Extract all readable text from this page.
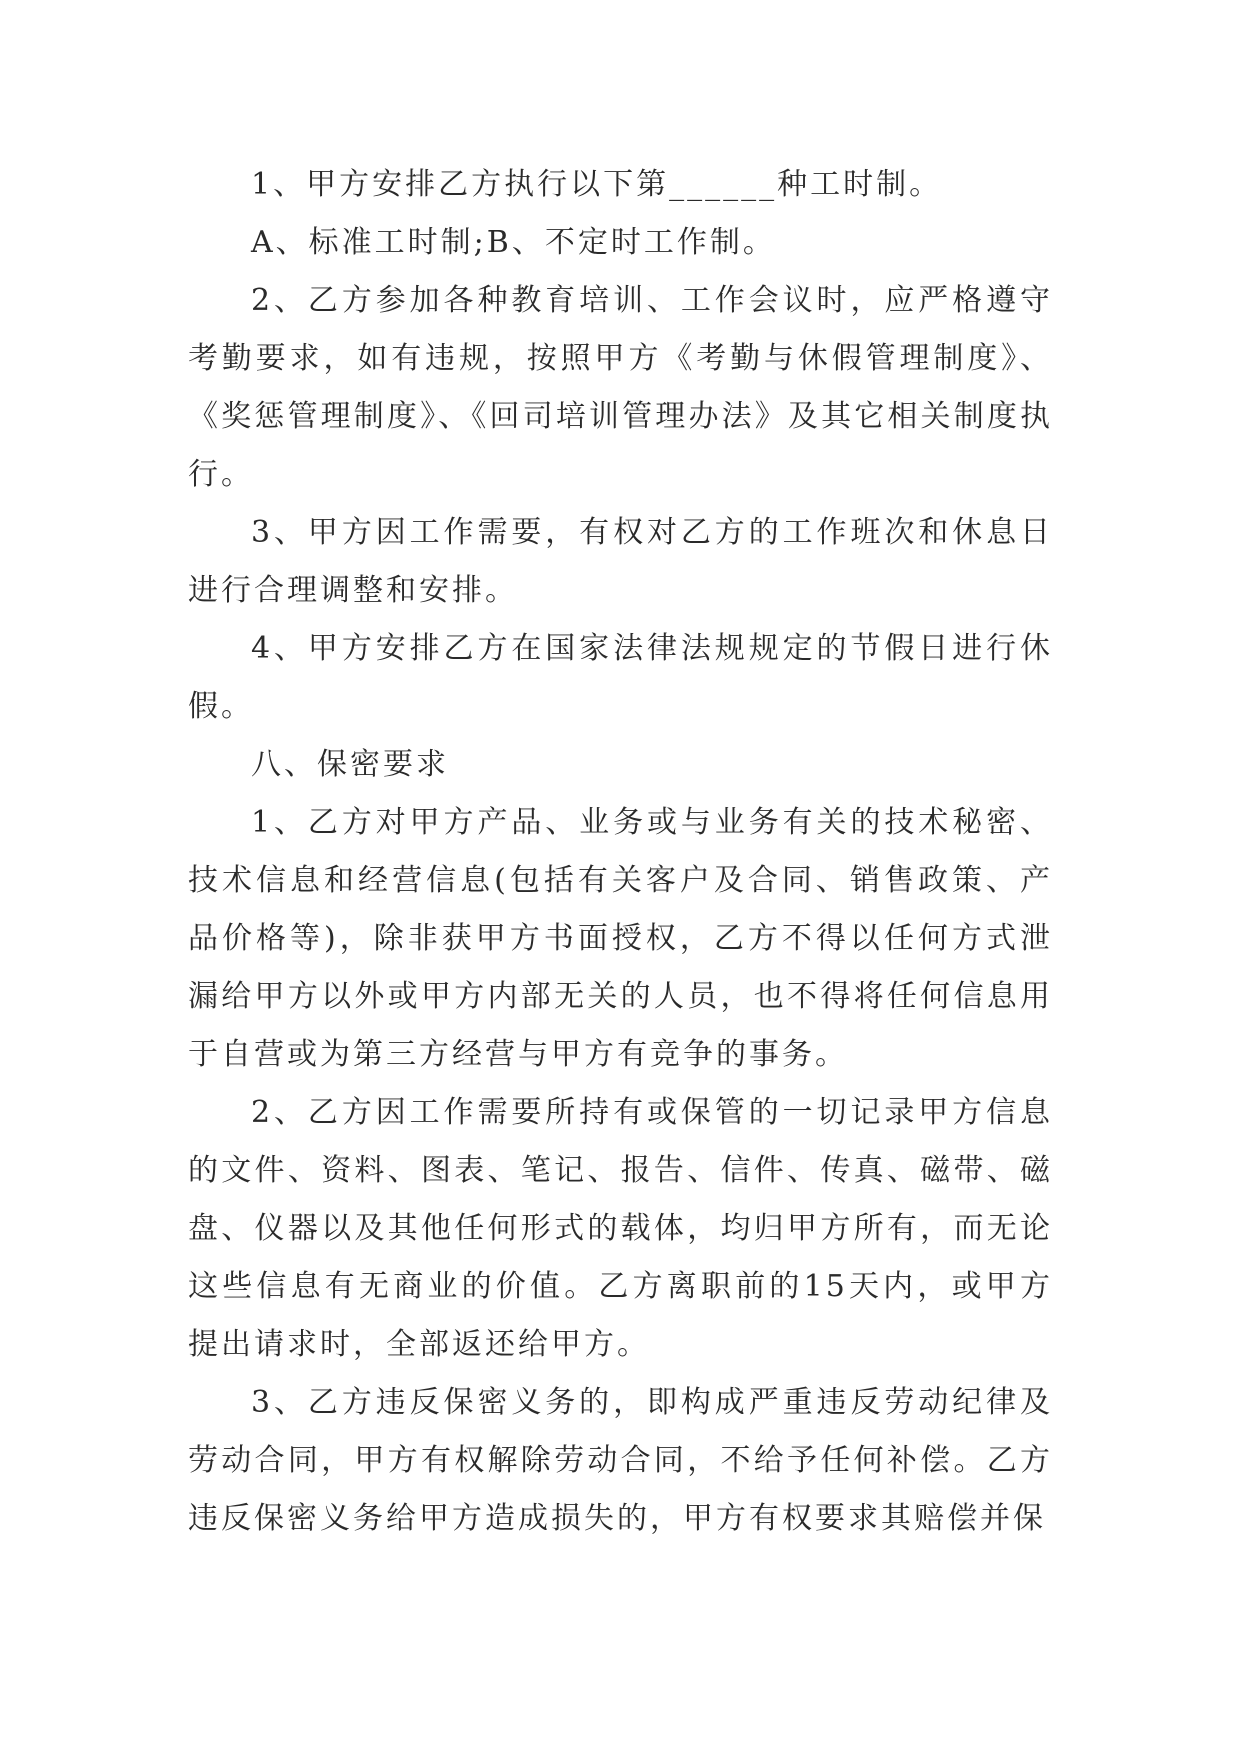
1、甲方安排乙方执行以下第______种工时制。

A、标准工时制;B、不定时工作制。

2、乙方参加各种教育培训、工作会议时，应严格遵守考勤要求，如有违规，按照甲方《考勤与休假管理制度》、《奖惩管理制度》、《回司培训管理办法》及其它相关制度执行。

3、甲方因工作需要，有权对乙方的工作班次和休息日进行合理调整和安排。

4、甲方安排乙方在国家法律法规规定的节假日进行休假。

八、保密要求

1、乙方对甲方产品、业务或与业务有关的技术秘密、技术信息和经营信息(包括有关客户及合同、销售政策、产品价格等)，除非获甲方书面授权，乙方不得以任何方式泄漏给甲方以外或甲方内部无关的人员，也不得将任何信息用于自营或为第三方经营与甲方有竞争的事务。

2、乙方因工作需要所持有或保管的一切记录甲方信息的文件、资料、图表、笔记、报告、信件、传真、磁带、磁盘、仪器以及其他任何形式的载体，均归甲方所有，而无论这些信息有无商业的价值。乙方离职前的15天内，或甲方提出请求时，全部返还给甲方。

3、乙方违反保密义务的，即构成严重违反劳动纪律及劳动合同，甲方有权解除劳动合同，不给予任何补偿。乙方违反保密义务给甲方造成损失的，甲方有权要求其赔偿并保
